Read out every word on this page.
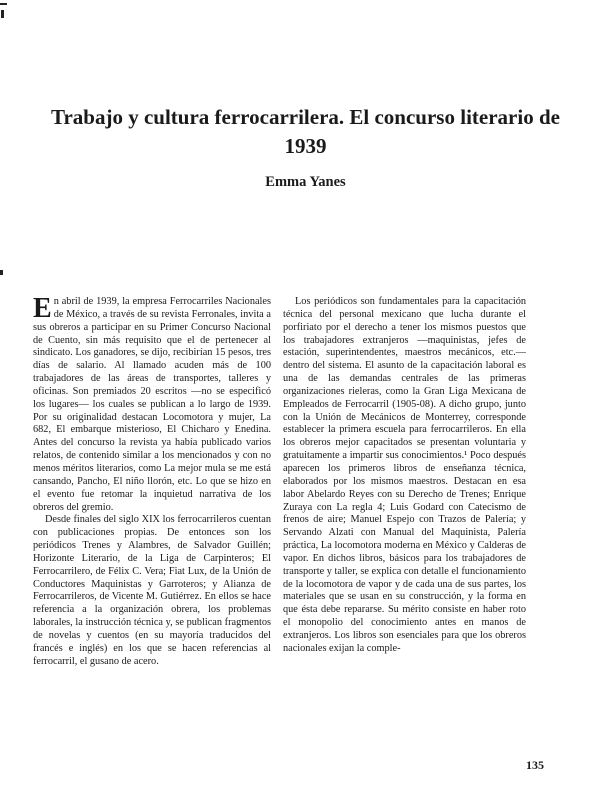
Trabajo y cultura ferrocarrilera. El concurso literario de 1939
Emma Yanes

En abril de 1939, la empresa Ferrocarriles Nacionales de México, a través de su revista Ferronales, invita a sus obreros a participar en su Primer Concurso Nacional de Cuento, sin más requisito que el de pertenecer al sindicato. Los ganadores, se dijo, recibirían 15 pesos, tres días de salario. Al llamado acuden más de 100 trabajadores de las áreas de transportes, talleres y oficinas. Son premiados 20 escritos —no se especificó los lugares— los cuales se publican a lo largo de 1939. Por su originalidad destacan Locomotora y mujer, La 682, El embarque misterioso, El Chicharo y Enedina. Antes del concurso la revista ya había publicado varios relatos, de contenido similar a los mencionados y con no menos méritos literarios, como La mejor mula se me está cansando, Pancho, El niño llorón, etc. Lo que se hizo en el evento fue retomar la inquietud narrativa de los obreros del gremio.

Desde finales del siglo XIX los ferrocarrileros cuentan con publicaciones propias. De entonces son los periódicos Trenes y Alambres, de Salvador Guillén; Horizonte Literario, de la Liga de Carpinteros; El Ferrocarrilero, de Félix C. Vera; Fiat Lux, de la Unión de Conductores Maquinistas y Garroteros; y Alianza de Ferrocarrileros, de Vicente M. Gutiérrez. En ellos se hace referencia a la organización obrera, los problemas laborales, la instrucción técnica y, se publican fragmentos de novelas y cuentos (en su mayoría traducidos del francés e inglés) en los que se hacen referencias al ferrocarril, el gusano de acero.

Los periódicos son fundamentales para la capacitación técnica del personal mexicano que lucha durante el porfiriato por el derecho a tener los mismos puestos que los trabajadores extranjeros —maquinistas, jefes de estación, superintendentes, maestros mecánicos, etc.— dentro del sistema. El asunto de la capacitación laboral es una de las demandas centrales de las primeras organizaciones rieleras, como la Gran Liga Mexicana de Empleados de Ferrocarril (1905-08). A dicho grupo, junto con la Unión de Mecánicos de Monterrey, corresponde establecer la primera escuela para ferrocarrileros. En ella los obreros mejor capacitados se presentan voluntaria y gratuitamente a impartir sus conocimientos.¹ Poco después aparecen los primeros libros de enseñanza técnica, elaborados por los mismos maestros. Destacan en esa labor Abelardo Reyes con su Derecho de Trenes; Enrique Zuraya con La regla 4; Luis Godard con Catecismo de frenos de aire; Manuel Espejo con Trazos de Palería; y Servando Alzati con Manual del Maquinista, Palería práctica, La locomotora moderna en México y Calderas de vapor. En dichos libros, básicos para los trabajadores de transporte y taller, se explica con detalle el funcionamiento de la locomotora de vapor y de cada una de sus partes, los materiales que se usan en su construcción, y la forma en que ésta debe repararse. Su mérito consiste en haber roto el monopolio del conocimiento antes en manos de extranjeros. Los libros son esenciales para que los obreros nacionales exijan la comple-

135
